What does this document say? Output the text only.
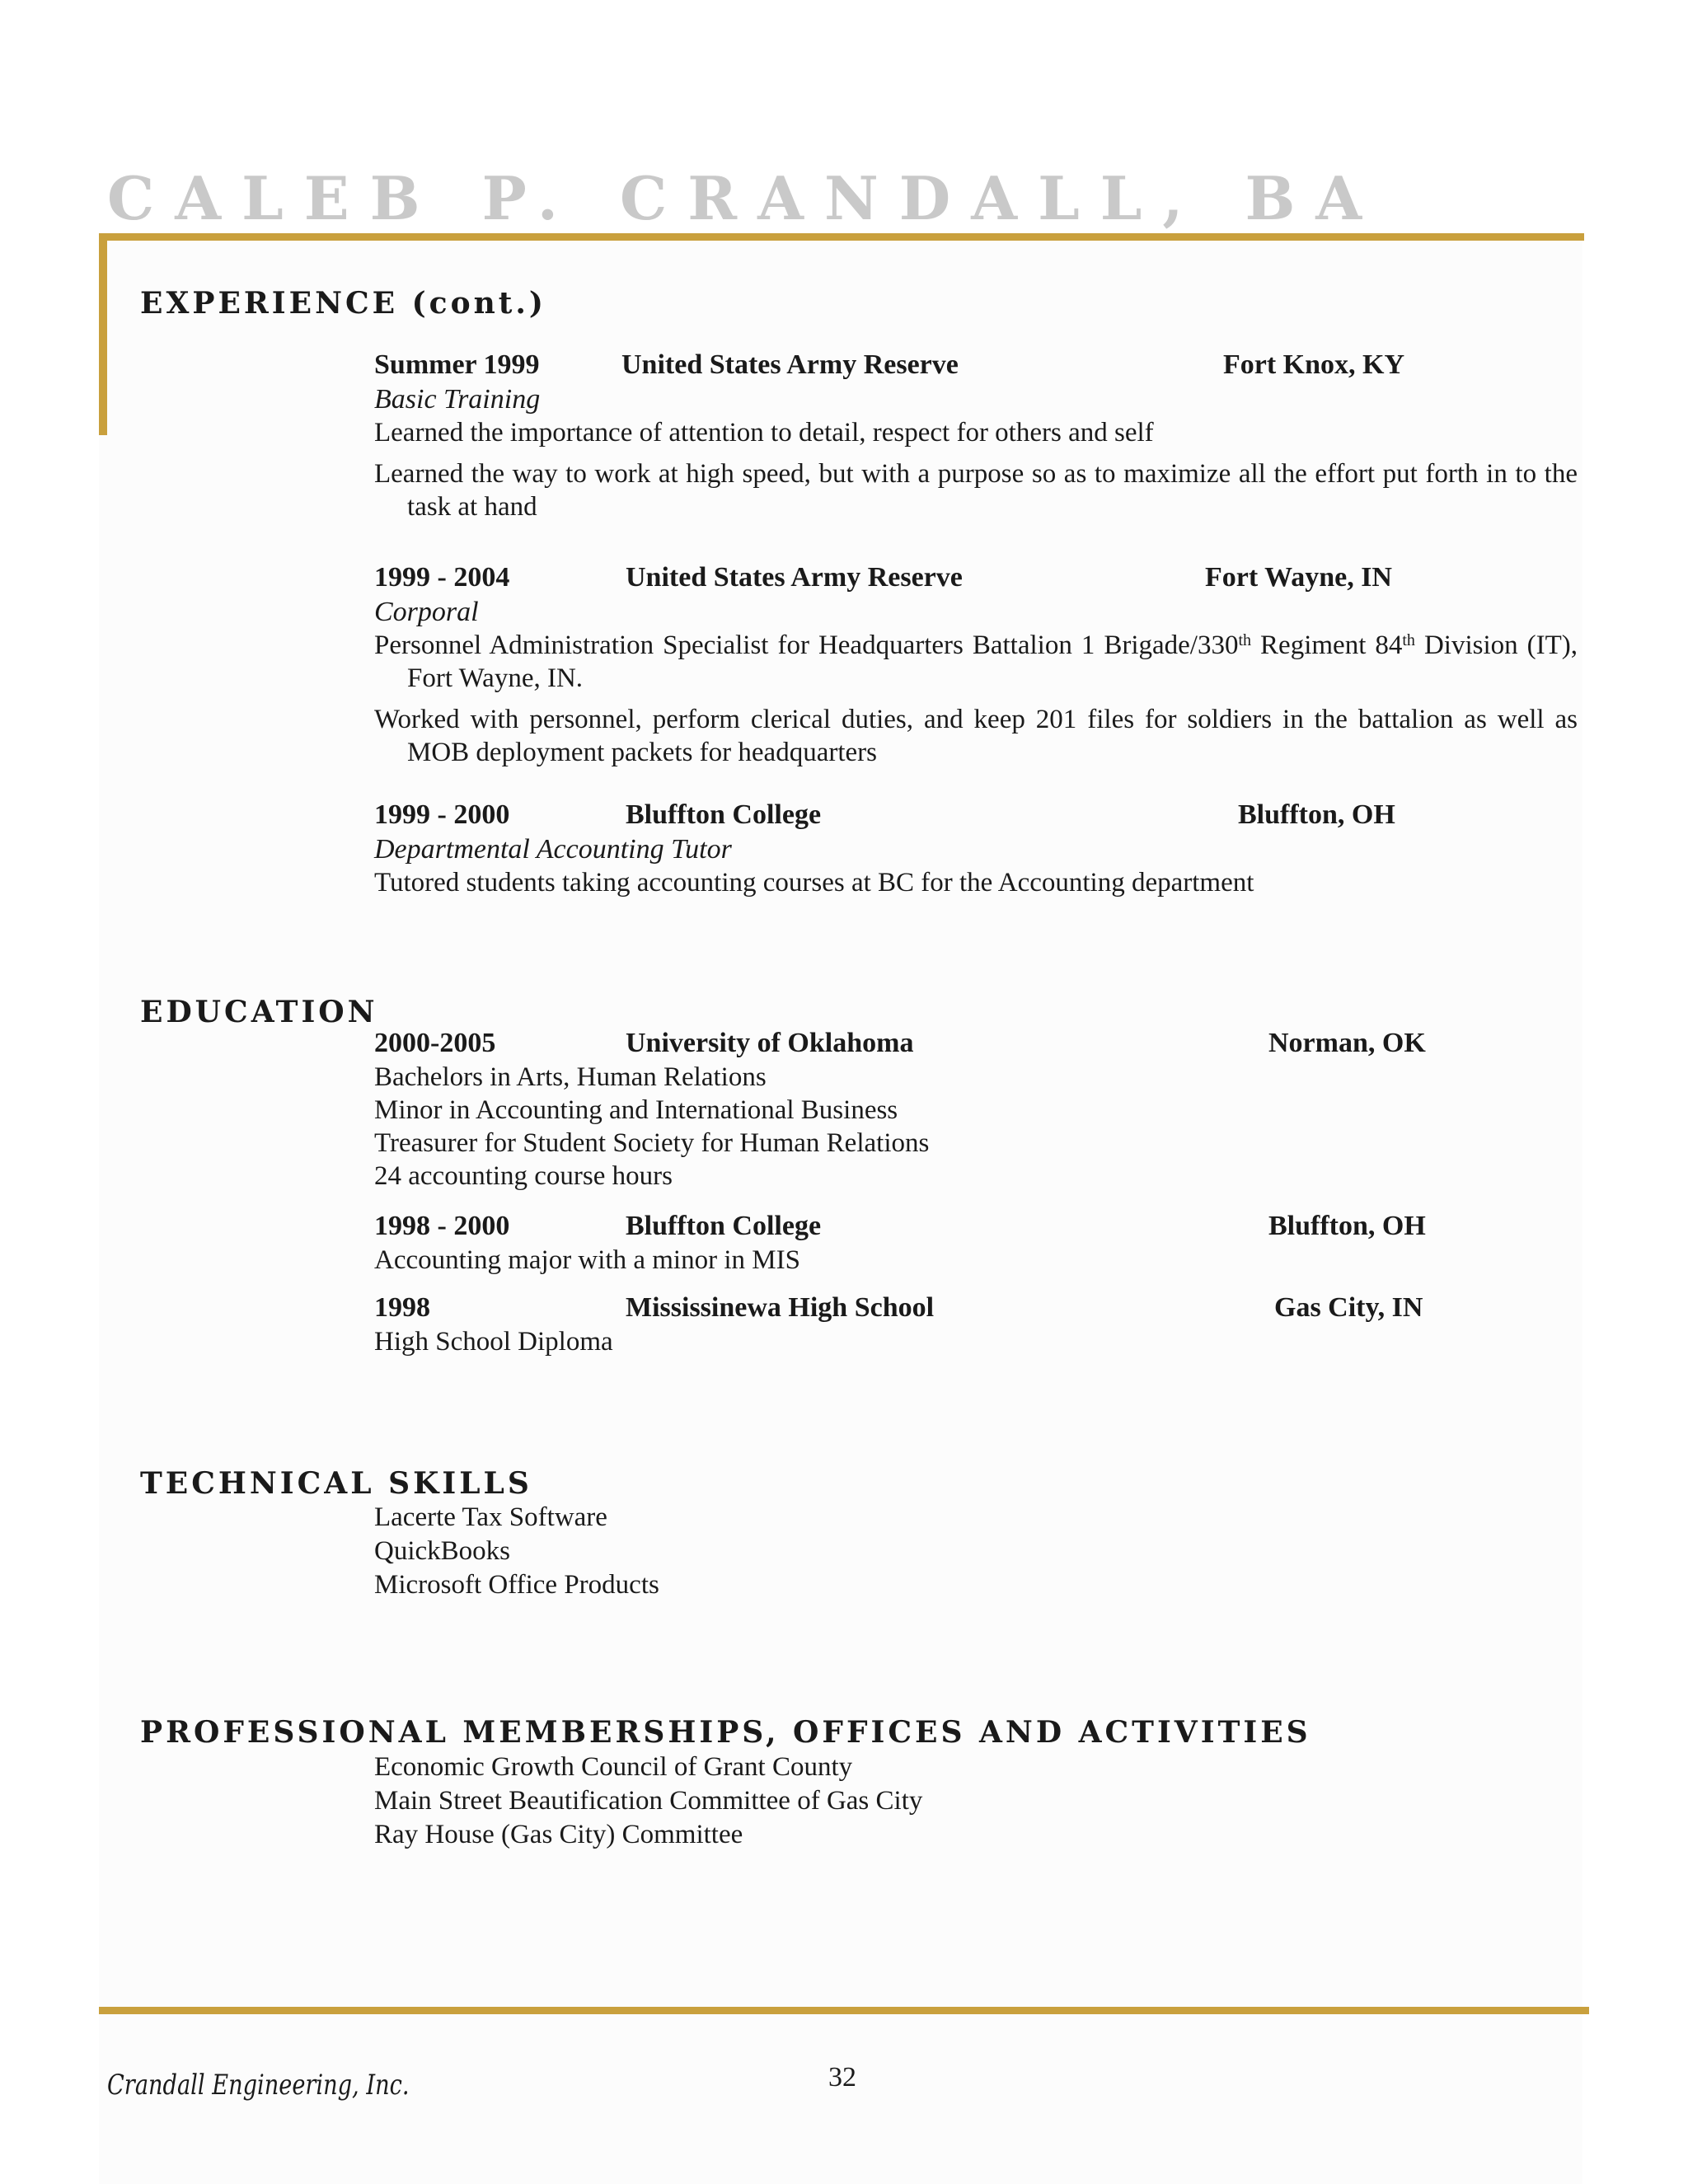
CALEB P. CRANDALL, BA
EXPERIENCE (cont.)
Summer 1999	United States Army Reserve	Fort Knox, KY
Basic Training
Learned the importance of attention to detail, respect for others and self
Learned the way to work at high speed, but with a purpose so as to maximize all the effort put forth in to the task at hand
1999 - 2004	United States Army Reserve	Fort Wayne, IN
Corporal
Personnel Administration Specialist for Headquarters Battalion 1 Brigade/330th Regiment 84th Division (IT), Fort Wayne, IN.
Worked with personnel, perform clerical duties, and keep 201 files for soldiers in the battalion as well as MOB deployment packets for headquarters
1999 - 2000	Bluffton College	Bluffton, OH
Departmental Accounting Tutor
Tutored students taking accounting courses at BC for the Accounting department
EDUCATION
2000-2005	University of Oklahoma	Norman, OK
Bachelors in Arts, Human Relations
Minor in Accounting and International Business
Treasurer for Student Society for Human Relations
24 accounting course hours
1998 - 2000	Bluffton College	Bluffton, OH
Accounting major with a minor in MIS
1998	Mississinewa High School	Gas City, IN
High School Diploma
TECHNICAL SKILLS
Lacerte Tax Software
QuickBooks
Microsoft Office Products
PROFESSIONAL MEMBERSHIPS, OFFICES AND ACTIVITIES
Economic Growth Council of Grant County
Main Street Beautification Committee of Gas City
Ray House (Gas City) Committee
Crandall Engineering, Inc.	32
